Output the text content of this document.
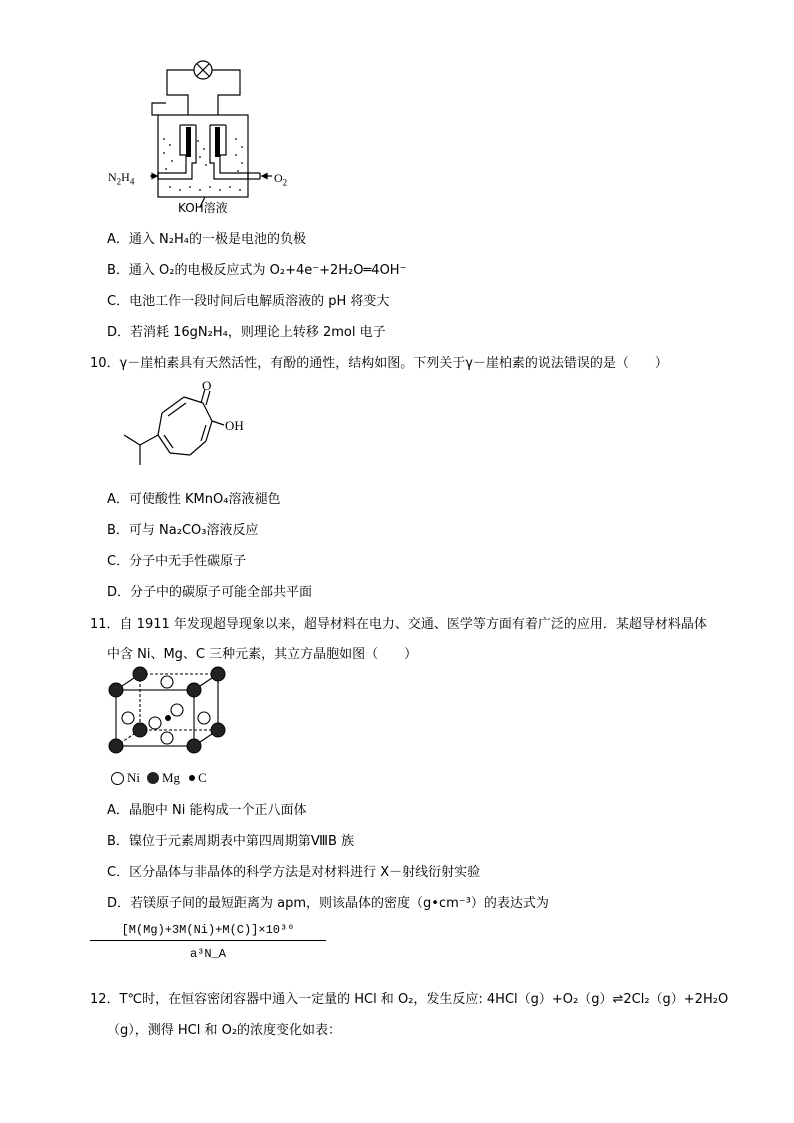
$N_2H_4$	$O_2$
KOH溶液
A．通入 N₂H₄的一极是电池的负极
B．通入 O₂的电极反应式为 O₂+4e⁻+2H₂O═4OH⁻
C．电池工作一段时间后电解质溶液的 pH 将变大
D．若消耗 16gN₂H₄，则理论上转移 2mol 电子
10．γ－崖柏素具有天然活性，有酚的通性，结构如图。下列关于γ－崖柏素的说法错误的是（　　）
O
OH
A．可使酸性 KMnO₄溶液褪色
B．可与 Na₂CO₃溶液反应
C．分子中无手性碳原子
D．分子中的碳原子可能全部共平面
11．自 1911 年发现超导现象以来，超导材料在电力、交通、医学等方面有着广泛的应用．某超导材料晶体
中含 Ni、Mg、C 三种元素，其立方晶胞如图（　　）
Ni Mg C
A．晶胞中 Ni 能构成一个正八面体
B．镍位于元素周期表中第四周期第ⅧB 族
C．区分晶体与非晶体的科学方法是对材料进行 X－射线衍射实验
D．若镁原子间的最短距离为 apm，则该晶体的密度（g•cm⁻³）的表达式为
$\frac{\text{[M(Mg)+3M(Ni)+M(C)]×10³⁰}}{\text{a³N\_A}}$
12．T℃时，在恒容密闭容器中通入一定量的 HCl 和 O₂，发生反应: 4HCl（g）+O₂（g）⇌2Cl₂（g）+2H₂O
（g），测得 HCl 和 O₂的浓度变化如表：
